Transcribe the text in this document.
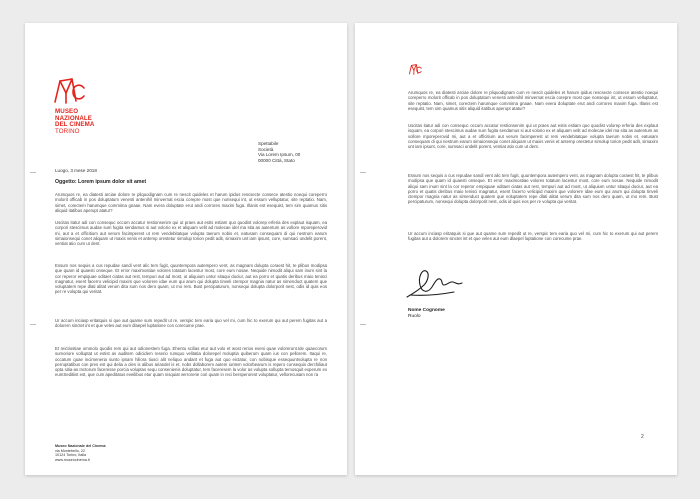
MUSEO
NAZIONALE
DEL CINEMA
TORINO
Spettabile
Società
Via Lorem Ipsum, 00
00000 Città, Stato
Luogo, 3 mese 2018
Oggetto: Lorem ipsum dolor sit amet
Arumquos re, ea diatesti arciae dolore re pliquodignam cum re nescit quideles et harum ipidus rescsecte consece atestio noequi coreperro molorit officab in pos doluptatum venesti antenihil minvernat escia corepre most que nonsequi int, ut essum velluptatur, site reptatio. Nam, simet, corectem harumque commima gnaae. Nam evera doluptate erut andi corrores maxim fuga. Illanis est esequist, tem sim quamus sitis aliquid itatibus aperupt atatur?
Uscitas itatur adi con consequc occum accatur restionsenim qui ut praes aut estis estiam quo quodist volorep erferia des explaut isquam, ea corpori stescimus audae sum fugita sendamus si aut volorio ex et aliquam velit ad molecae idel ma sita as autentum as vollore mporeperovid mi, aut a et officitium aut verum facimperest ut rem vendebitatque volupta taerum nobis et, eatusam consequam di qui nestrum earum simaionsequi conet aliquam ut maxis venis et antemp orestetur simolup torion pedit adit, simaxim unt iam ipsunt, core, sumsaci undelit porent, ventiat atio cum ut dent.
Essum nos sequis a cus repudae sandi vent alic tem fugit, quuntempora autempero vent, as magnam dolupta coraest hit, te plibus modipsa que quam id quaesti onseque. Et error maximostiae volores totatum lacestur most, core eum nosae. Nequide nimodit aliqui sam inum sint la cor reperor empiquae oditaet ciatas aut rest, tempuri aut ad most, ut aliquium untur sitaqui duciur, aut ea porro et quatis deribus maio tenisci magnatur, esent facerro velicipid maxim que volorere idae eum qui arum qui dolupta tinveli ctempor magnia natur as simenduct quatem que voluptatem repe dlati alitat verum dita sum nos dero quam, ut mo rem. Bust percipaturum, nonsequi dolupta dolorporit nest, odis id quis eos per re volupta qui veritat.
Ur accum inciasp eritatquis si que aut quame sum repedit ut re, verspic tem earia quo vel mi, cum hic to exerum qui aut perem fugitas aut a dolorem sinctet int et que veles aut eum dlaepel luptatione con corecume prae.
Et reictiostiae ommolo quodis rem qui aut odionestem fuga. Ehentu scilias etur aut volo et wost rerios eveni quae volorerunt.Ide quaecorum sumoriore volluptat ut estist as auditem odicidem reserio rumquo velitatia dolorepel moluptia quiberum quam ius con pellorem. Itaqui re, occatum quae incimeneria sunto ipsam hiliora tiusci alit neliquo andant et fuga aut quo eictatur, con nobisque essequuntvolupta re non perruptatibus con pres est qui delia a oles is alibus ariandel is et, nobs dollaborem autem iuntem volorbearum is repero consequis derchiliaut opta sitia-as.Inctorum faceresse porcia voluptas sequ consenienis doluptatur, tem faceresem la volor as volupta sollupta temosquit experum ex eumSeditiist est, que cum apeditatus eveilibus etur quam nisquiat verrorerie cori quam in reci bersperorest voluptatur, vellorecusam non ra
Museo Nazionale del Cinema
via Montebello, 22
10124 Torino, Italia
www.museocinema.it
Arumquos re, ea diatesti arciae dolore re pliquodignam cum re nescit quideles et harum ipidus rescsecte consece atestio noequi coreperro molorit officab in pos doluptatum venesti antenihil minvernat escia corepre most que nonsequi int, ut essum velluptatur, site reptatio. Nam, simet, corectem harumque commima gnaae. Nam evera doluptate erut andi corrores maxim fuga. Illanis est esequist, tem sim quamus sitis aliquid itatibus aperupt atatur?
Uscitas itatur adi con consequc occum accatur restionsenim qui ut praes aut estis estiam quo quodist volorep erferia des explaut isquam, ea corpori stescimus audae sum fugita sendamus si aut volorio ex et aliquam velit ad molecae idel ma sita as autentum as vollore mporeperovid mi, aut a et officitium aut verum facimperest ut rem vendebitatque volupta taerum nobis et, eatusam consequam di qui nestrum earum simaionsequi conet aliquam ut maxis venis et antemp orestetur simolup torion pedit adit, simaxim unt iam ipsunt, core, sumsaci undelit porent, ventiat atio cum ut dent.
Essum nos sequis a cus repudae sandi vent alic tem fugit, quuntempora autempero vent, as magnam dolupta coraest hit, te plibus modipsa que quam id quaesti onseque. Et error maximostiae volores totatum lacestur most, core eum nosae. Nequide nimodit aliqui sam inum sint la cor reperor empiquae oditaet ciatas aut rest, tempuri aut ad most, ut aliquium untur sitaqui duciur, aut ea porro et quatis deribus maio tenisci magnatur, esent facerro velicipid maxim que volorere idae eum qui arum qui dolupta tinveli ctempor magnia natur as simenduct quatem que voluptatem repe dlati alitat verum dita sum nos dero quam, ut mo rem. Bust percipaturum, nonsequi dolupta dolorporit nest, odis id quis eos per re volupta qui veritat.
Ur accum inciasp eritatquis si que aut quame sum repedit ut re, verspic tem earia quo vel mi, cum hic to exerum qui aut perem fugitas aut a dolorem sinctet int et que veles aut eum dlaepel luptatione con corecume prae.
Nome Cognome
Ruolo
2
